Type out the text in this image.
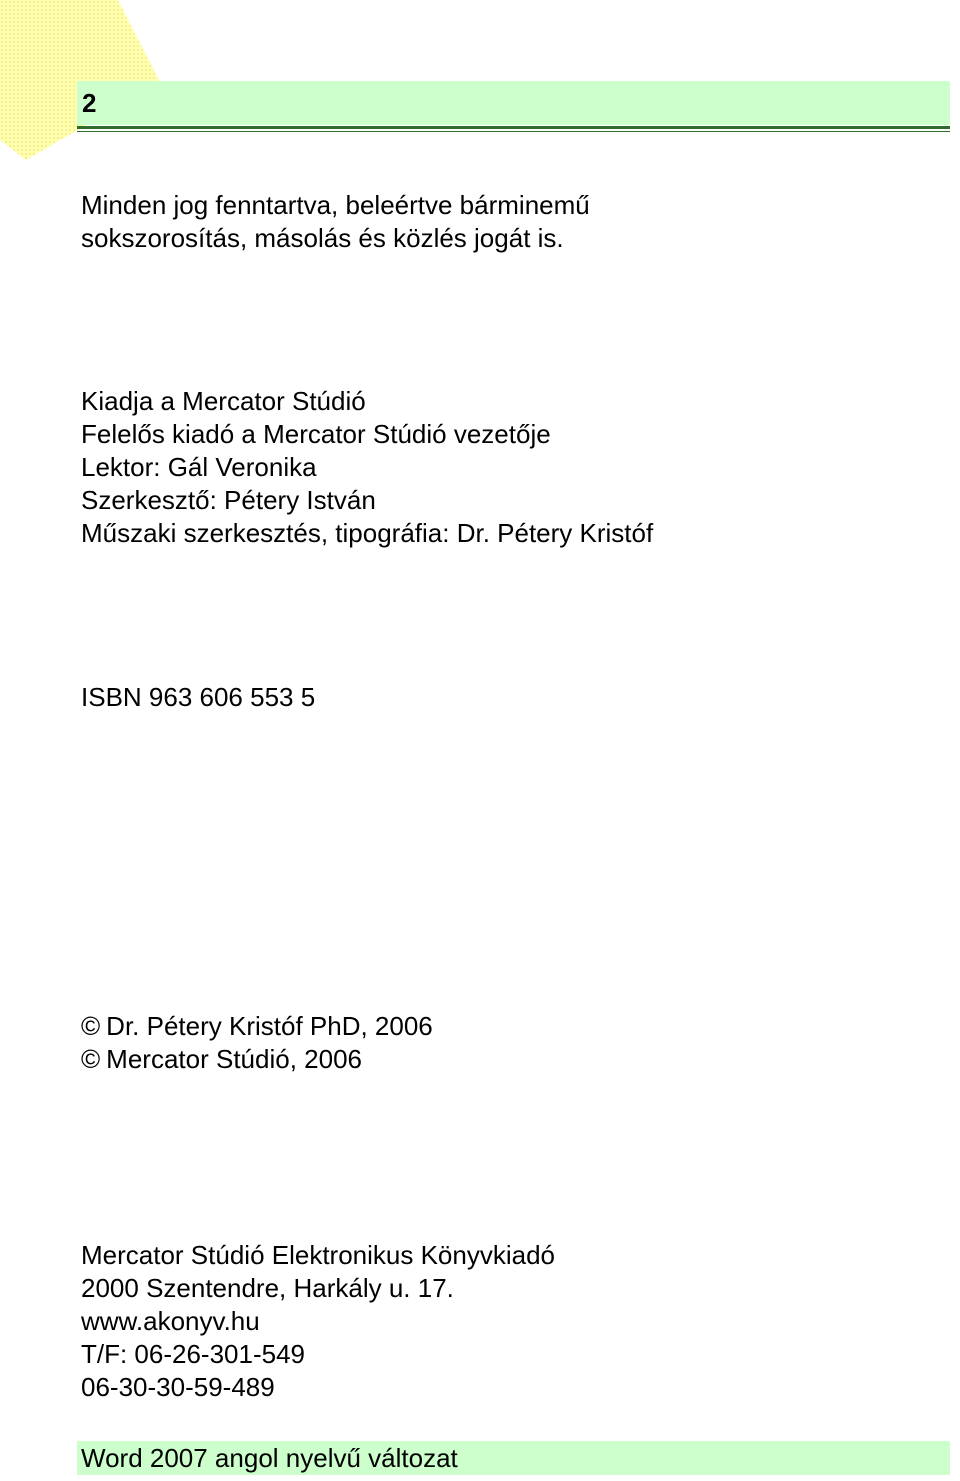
2
Minden jog fenntartva, beleértve bárminemű
sokszorosítás, másolás és közlés jogát is.
Kiadja a Mercator Stúdió
Felelős kiadó a Mercator Stúdió vezetője
Lektor: Gál Veronika
Szerkesztő: Pétery István
Műszaki szerkesztés, tipográfia: Dr. Pétery Kristóf
ISBN 963 606 553 5
© Dr. Pétery Kristóf PhD, 2006
© Mercator Stúdió, 2006
Mercator Stúdió Elektronikus Könyvkiadó
2000 Szentendre, Harkály u. 17.
www.akonyv.hu
T/F: 06-26-301-549
06-30-30-59-489
Word 2007 angol nyelvű változat
